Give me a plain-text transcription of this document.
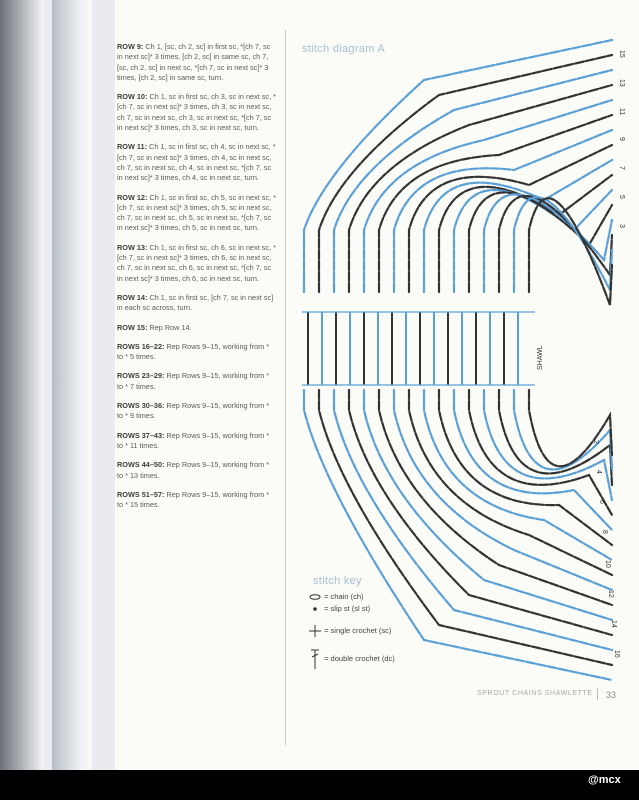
ROW 9: Ch 1, [sc, ch 2, sc] in first sc, *[ch 7, sc in next sc]* 3 times, [ch 2, sc] in same sc, ch 7, [sc, ch 2, sc] in next sc, *[ch 7, sc in next sc]* 3 times, [ch 2, sc] in same sc, turn.
ROW 10: Ch 1, sc in first sc, ch 3, sc in next sc, *[ch 7, sc in next sc]* 3 times, ch 3, sc in next sc, ch 7, sc in next sc, ch 3, sc in next sc, *[ch 7, sc in next sc]* 3 times, ch 3, sc in next sc, turn.
ROW 11: Ch 1, sc in first sc, ch 4, sc in next sc, *[ch 7, sc in next sc]* 3 times, ch 4, sc in next sc, ch 7, sc in next sc, ch 4, sc in next sc, *[ch 7, sc in next sc]* 3 times, ch 4, sc in next sc, turn.
ROW 12: Ch 1, sc in first sc, ch 5, sc in next sc, *[ch 7, sc in next sc]* 3 times, ch 5, sc in next sc, ch 7, sc in next sc, ch 5, sc in next sc, *[ch 7, sc in next sc]* 3 times, ch 5, sc in next sc, turn.
ROW 13: Ch 1, sc in first sc, ch 6, sc in next sc, *[ch 7, sc in next sc]* 3 times, ch 6, sc in next sc, ch 7, sc in next sc, ch 6, sc in next sc, *[ch 7, sc in next sc]* 3 times, ch 6, sc in next sc, turn.
ROW 14: Ch 1, sc in first sc, [ch 7, sc in next sc] in each sc across, turn.
ROW 15: Rep Row 14.
ROWS 16–22: Rep Rows 9–15, working from * to * 5 times.
ROWS 23–29: Rep Rows 9–15, working from * to * 7 times.
ROWS 30–36: Rep Rows 9–15, working from * to * 9 times.
ROWS 37–43: Rep Rows 9–15, working from * to * 11 times.
ROWS 44–50: Rep Rows 9–15, working from * to * 13 times.
ROWS 51–57: Rep Rows 9–15, working from * to * 15 times.
stitch diagram A
SHAWL
15
13
11
9
7
5
3
2
4
6
8
10
12
14
16
stitch key
= chain (ch)
= slip st (sl st)
= single crochet (sc)
= double crochet (dc)
SPROUT CHAINS SHAWLETTE 33
@mcx
